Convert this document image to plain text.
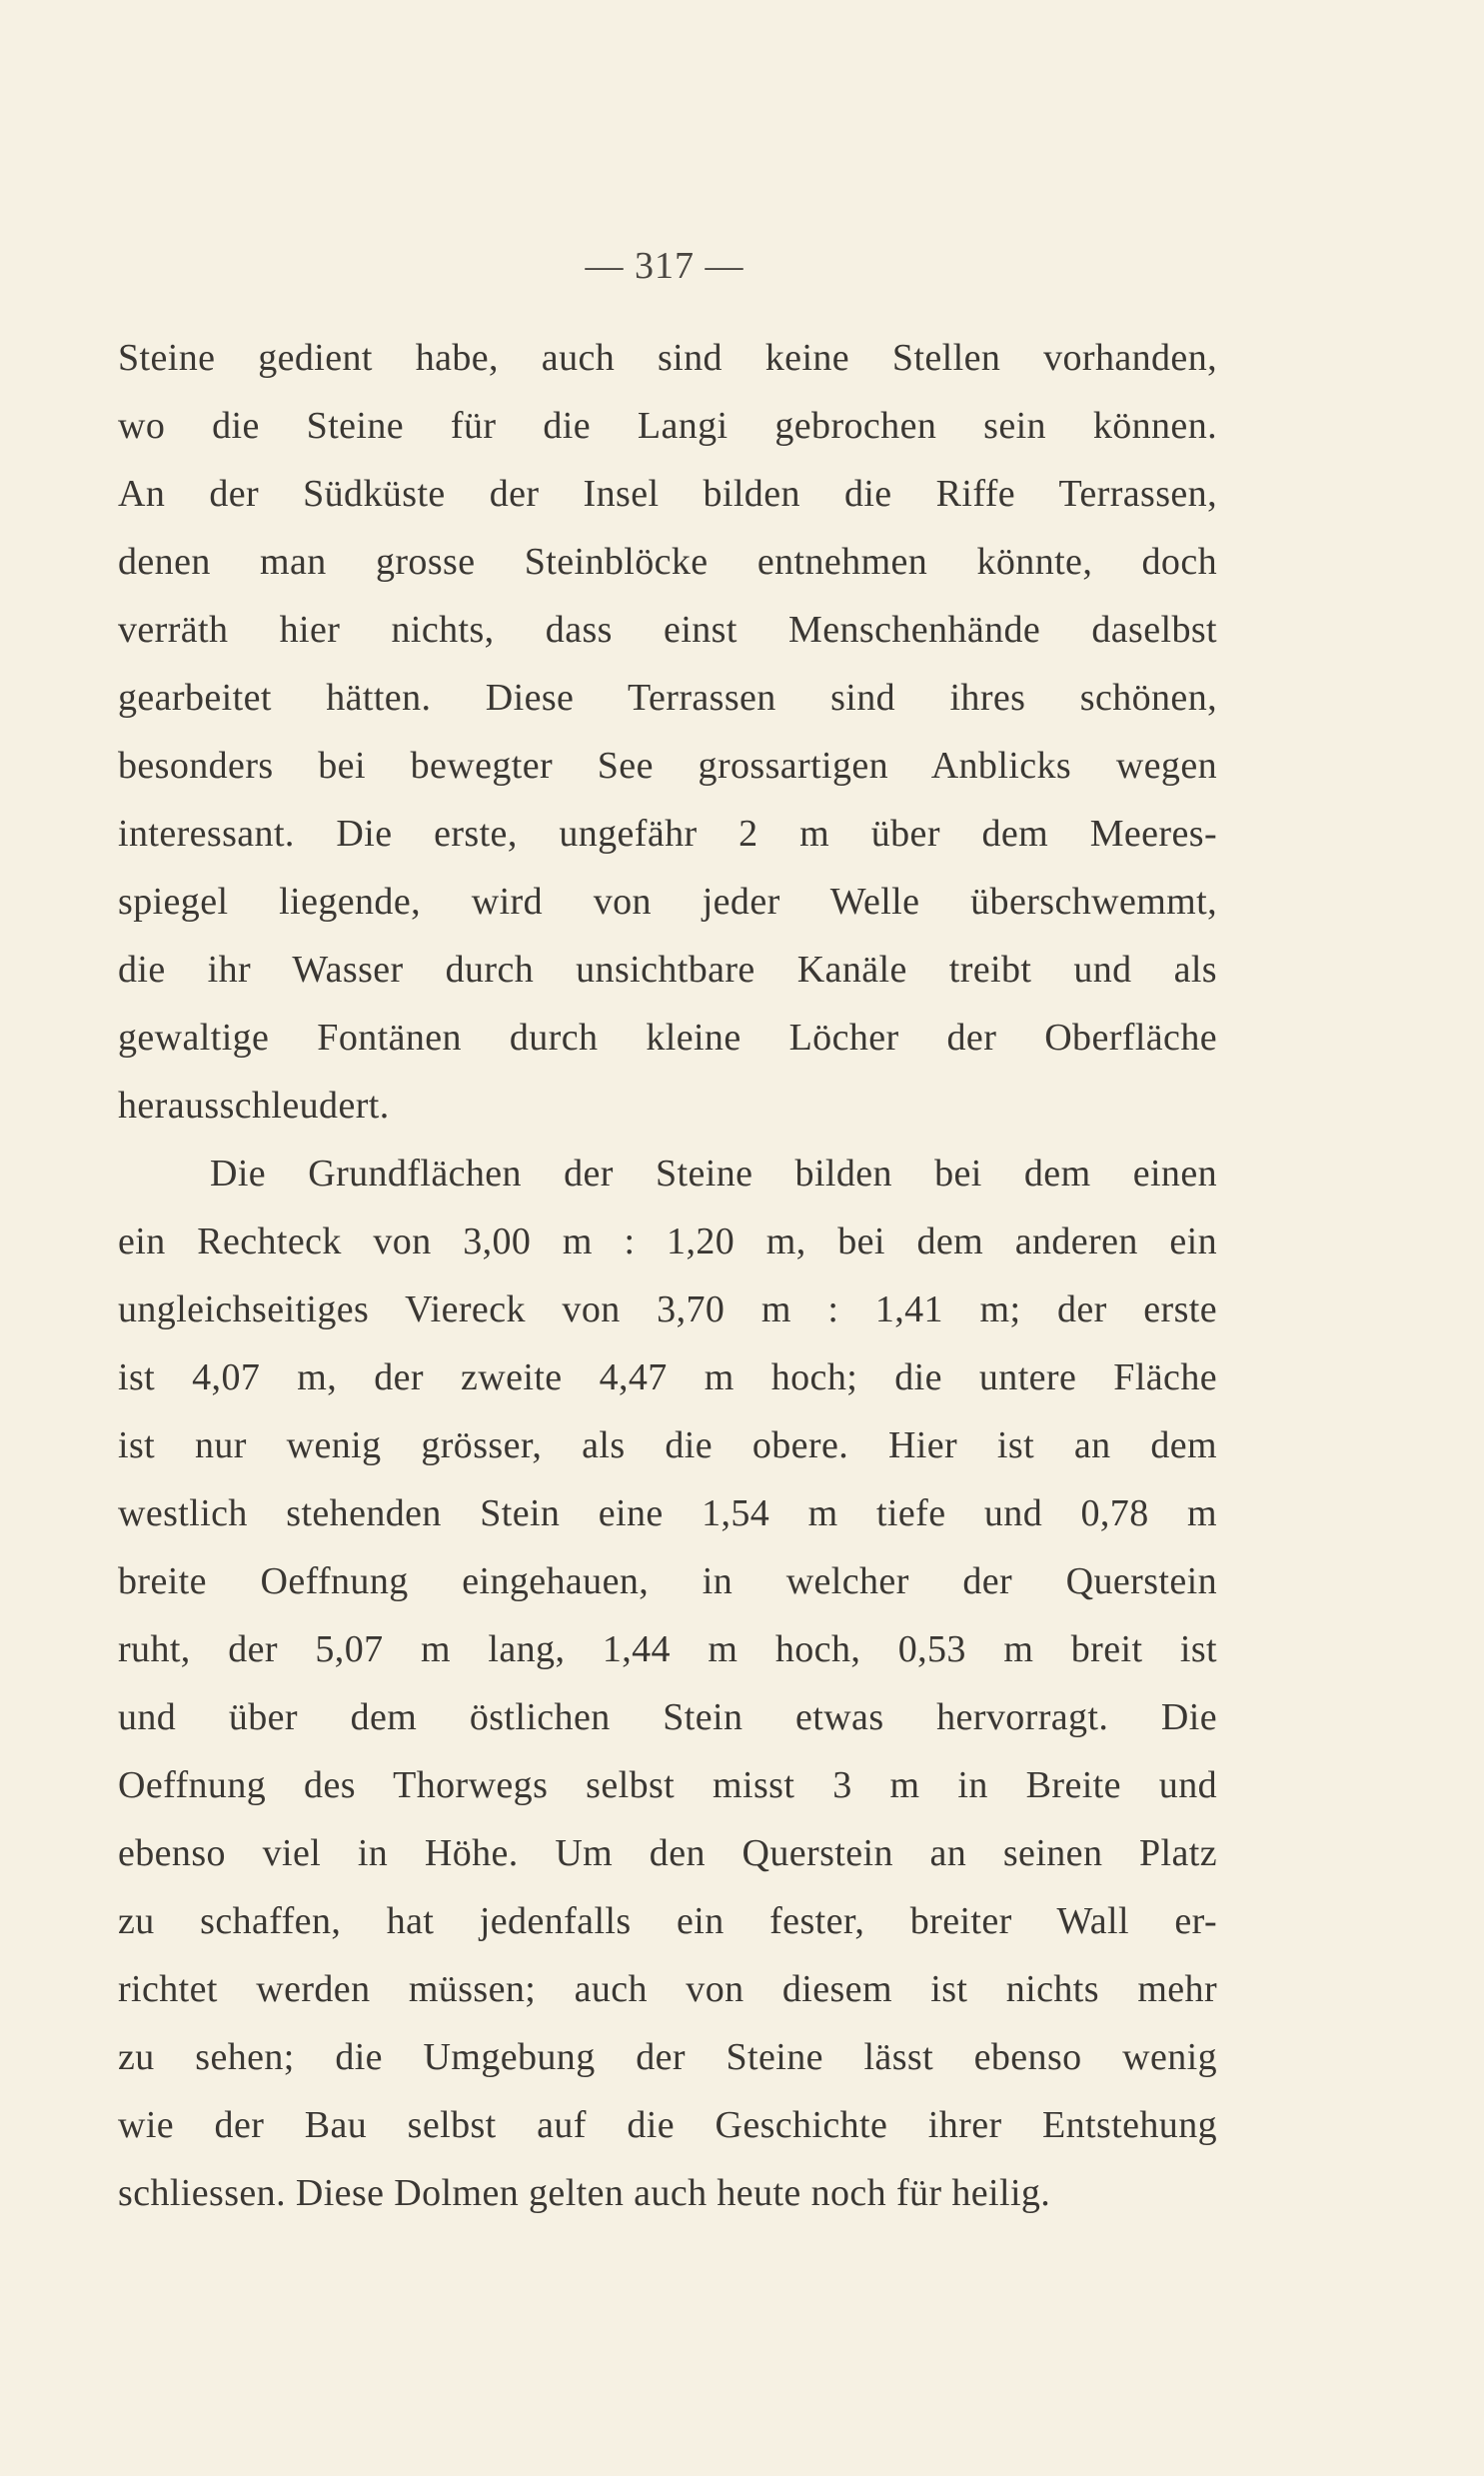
— 317 —
Steine gedient habe, auch sind keine Stellen vorhanden,
wo die Steine für die Langi gebrochen sein können.
An der Südküste der Insel bilden die Riffe Terrassen,
denen man grosse Steinblöcke entnehmen könnte, doch
verräth hier nichts, dass einst Menschenhände daselbst
gearbeitet hätten. Diese Terrassen sind ihres schönen,
besonders bei bewegter See grossartigen Anblicks wegen
interessant. Die erste, ungefähr 2 m über dem Meeres-
spiegel liegende, wird von jeder Welle überschwemmt,
die ihr Wasser durch unsichtbare Kanäle treibt und als
gewaltige Fontänen durch kleine Löcher der Oberfläche
herausschleudert.
Die Grundflächen der Steine bilden bei dem einen
ein Rechteck von 3,00 m : 1,20 m, bei dem anderen ein
ungleichseitiges Viereck von 3,70 m : 1,41 m; der erste
ist 4,07 m, der zweite 4,47 m hoch; die untere Fläche
ist nur wenig grösser, als die obere. Hier ist an dem
westlich stehenden Stein eine 1,54 m tiefe und 0,78 m
breite Oeffnung eingehauen, in welcher der Querstein
ruht, der 5,07 m lang, 1,44 m hoch, 0,53 m breit ist
und über dem östlichen Stein etwas hervorragt. Die
Oeffnung des Thorwegs selbst misst 3 m in Breite und
ebenso viel in Höhe. Um den Querstein an seinen Platz
zu schaffen, hat jedenfalls ein fester, breiter Wall er-
richtet werden müssen; auch von diesem ist nichts mehr
zu sehen; die Umgebung der Steine lässt ebenso wenig
wie der Bau selbst auf die Geschichte ihrer Entstehung
schliessen. Diese Dolmen gelten auch heute noch für heilig.
